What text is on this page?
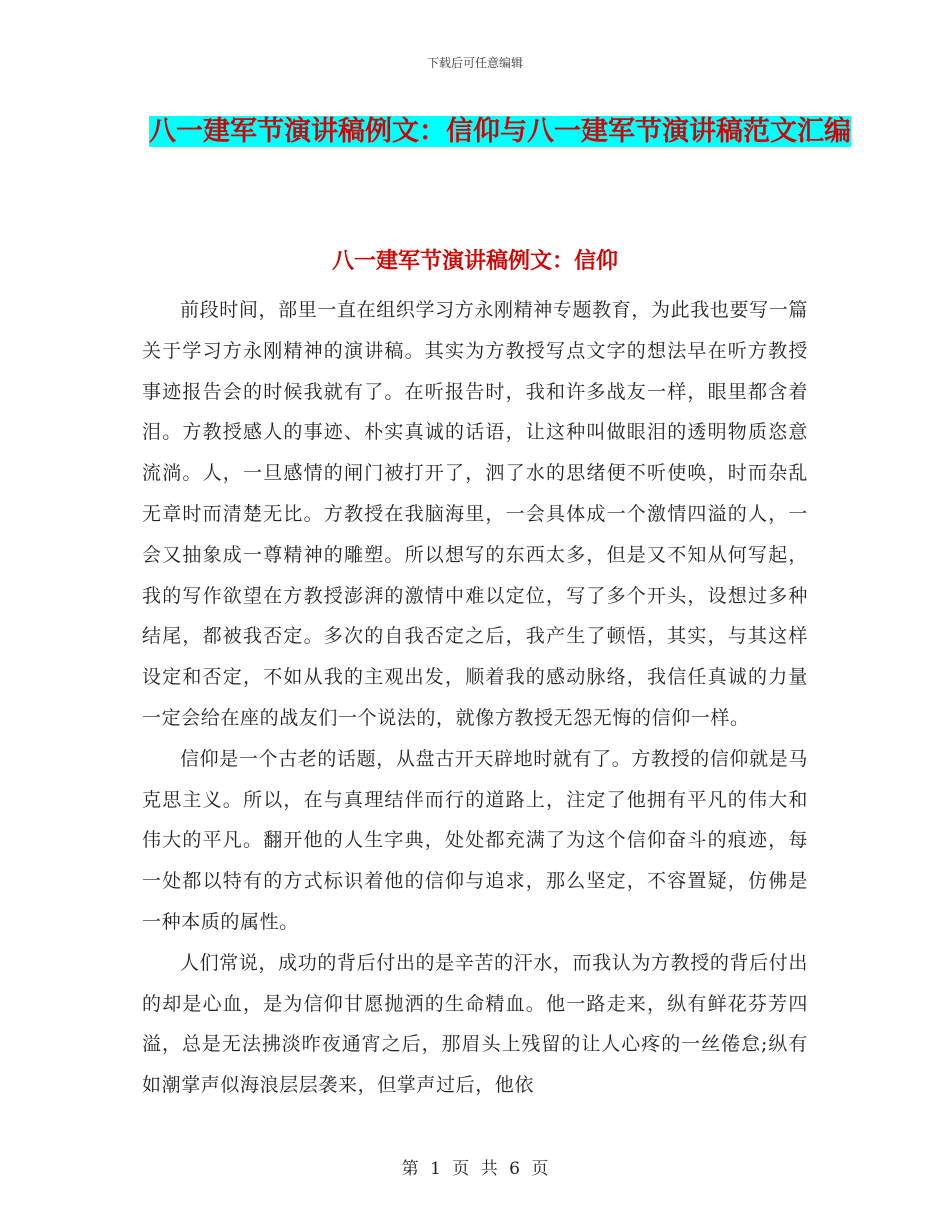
下载后可任意编辑
八一建军节演讲稿例文：信仰与八一建军节演讲稿范文汇编
八一建军节演讲稿例文：信仰

前段时间，部里一直在组织学习方永刚精神专题教育，为此我也要写一篇关于学习方永刚精神的演讲稿。其实为方教授写点文字的想法早在听方教授事迹报告会的时候我就有了。在听报告时，我和许多战友一样，眼里都含着泪。方教授感人的事迹、朴实真诚的话语，让这种叫做眼泪的透明物质恣意流淌。人，一旦感情的闸门被打开了，泗了水的思绪便不听使唤，时而杂乱无章时而清楚无比。方教授在我脑海里，一会具体成一个激情四溢的人，一会又抽象成一尊精神的雕塑。所以想写的东西太多，但是又不知从何写起，我的写作欲望在方教授澎湃的激情中难以定位，写了多个开头，设想过多种结尾，都被我否定。多次的自我否定之后，我产生了顿悟，其实，与其这样设定和否定，不如从我的主观出发，顺着我的感动脉络，我信任真诚的力量一定会给在座的战友们一个说法的，就像方教授无怨无悔的信仰一样。

信仰是一个古老的话题，从盘古开天辟地时就有了。方教授的信仰就是马克思主义。所以，在与真理结伴而行的道路上，注定了他拥有平凡的伟大和伟大的平凡。翻开他的人生字典，处处都充满了为这个信仰奋斗的痕迹，每一处都以特有的方式标识着他的信仰与追求，那么坚定，不容置疑，仿佛是一种本质的属性。

人们常说，成功的背后付出的是辛苦的汗水，而我认为方教授的背后付出的却是心血，是为信仰甘愿抛洒的生命精血。他一路走来，纵有鲜花芬芳四溢，总是无法拂淡昨夜通宵之后，那眉头上残留的让人心疼的一丝倦怠;纵有如潮掌声似海浪层层袭来，但掌声过后，他依

第 1 页 共 6 页
